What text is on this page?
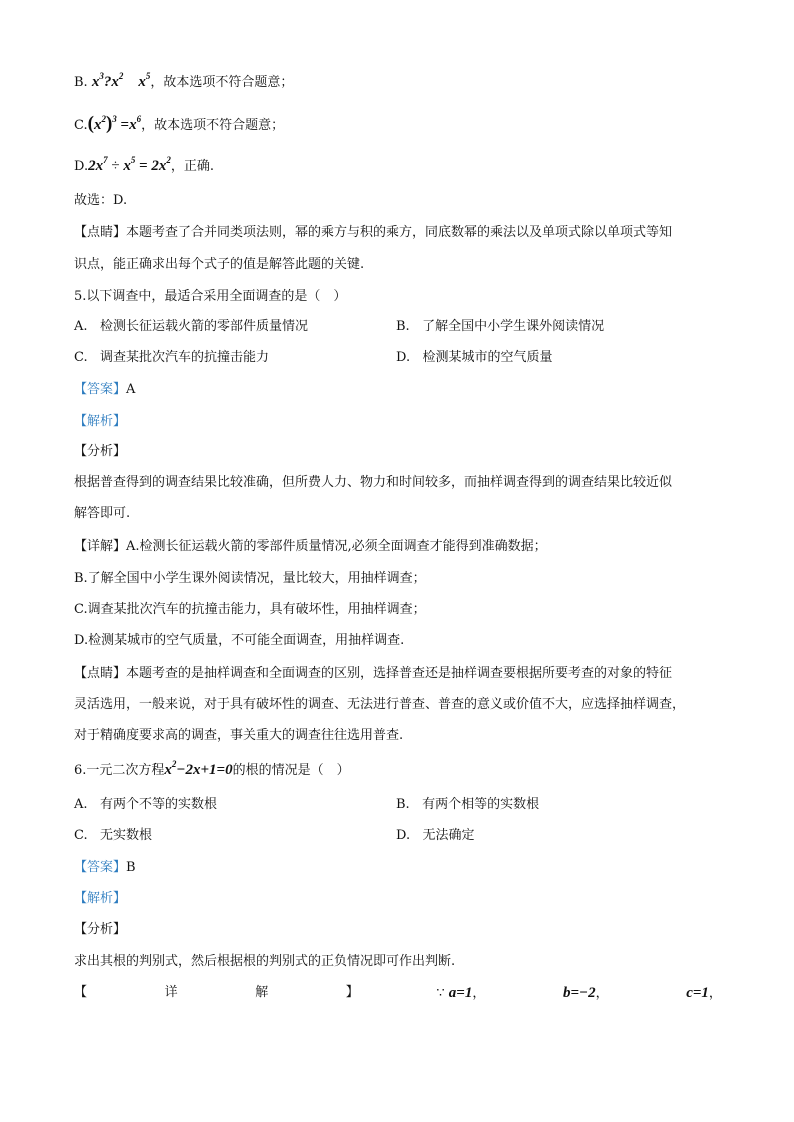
B. $x^3?x^2$ $x^5$，故本选项不符合题意；
$C.(x^2)^3 =x^6$，故本选项不符合题意；
$D.2x^7 \div x^5 = 2x^2$，正确.
故选：D.
【点睛】本题考查了合并同类项法则，幂的乘方与积的乘方，同底数幂的乘法以及单项式除以单项式等知
识点，能正确求出每个式子的值是解答此题的关键.
5.以下调查中，最适合采用全面调查的是（　）
A. 检测长征运载火箭的零部件质量情况	B. 了解全国中小学生课外阅读情况
C. 调查某批次汽车的抗撞击能力	D. 检测某城市的空气质量
【答案】A
【解析】
【分析】
根据普查得到的调查结果比较准确，但所费人力、物力和时间较多，而抽样调查得到的调查结果比较近似
解答即可.
【详解】A.检测长征运载火箭的零部件质量情况,必须全面调查才能得到准确数据；
B.了解全国中小学生课外阅读情况，量比较大，用抽样调查；
C.调查某批次汽车的抗撞击能力，具有破坏性，用抽样调查；
D.检测某城市的空气质量，不可能全面调查，用抽样调查.
【点睛】本题考查的是抽样调查和全面调查的区别，选择普查还是抽样调查要根据所要考查的对象的特征
灵活选用，一般来说，对于具有破坏性的调查、无法进行普查、普查的意义或价值不大，应选择抽样调查，
对于精确度要求高的调查，事关重大的调查往往选用普查.
6.一元二次方程$x^2-2x+1=0$的根的情况是（　）
A. 有两个不等的实数根	B. 有两个相等的实数根
C. 无实数根	D. 无法确定
【答案】B
【解析】
【分析】
求出其根的判别式，然后根据根的判别式的正负情况即可作出判断.
【	详	解	】	∵ a=1，	b=−2，	c=1，
